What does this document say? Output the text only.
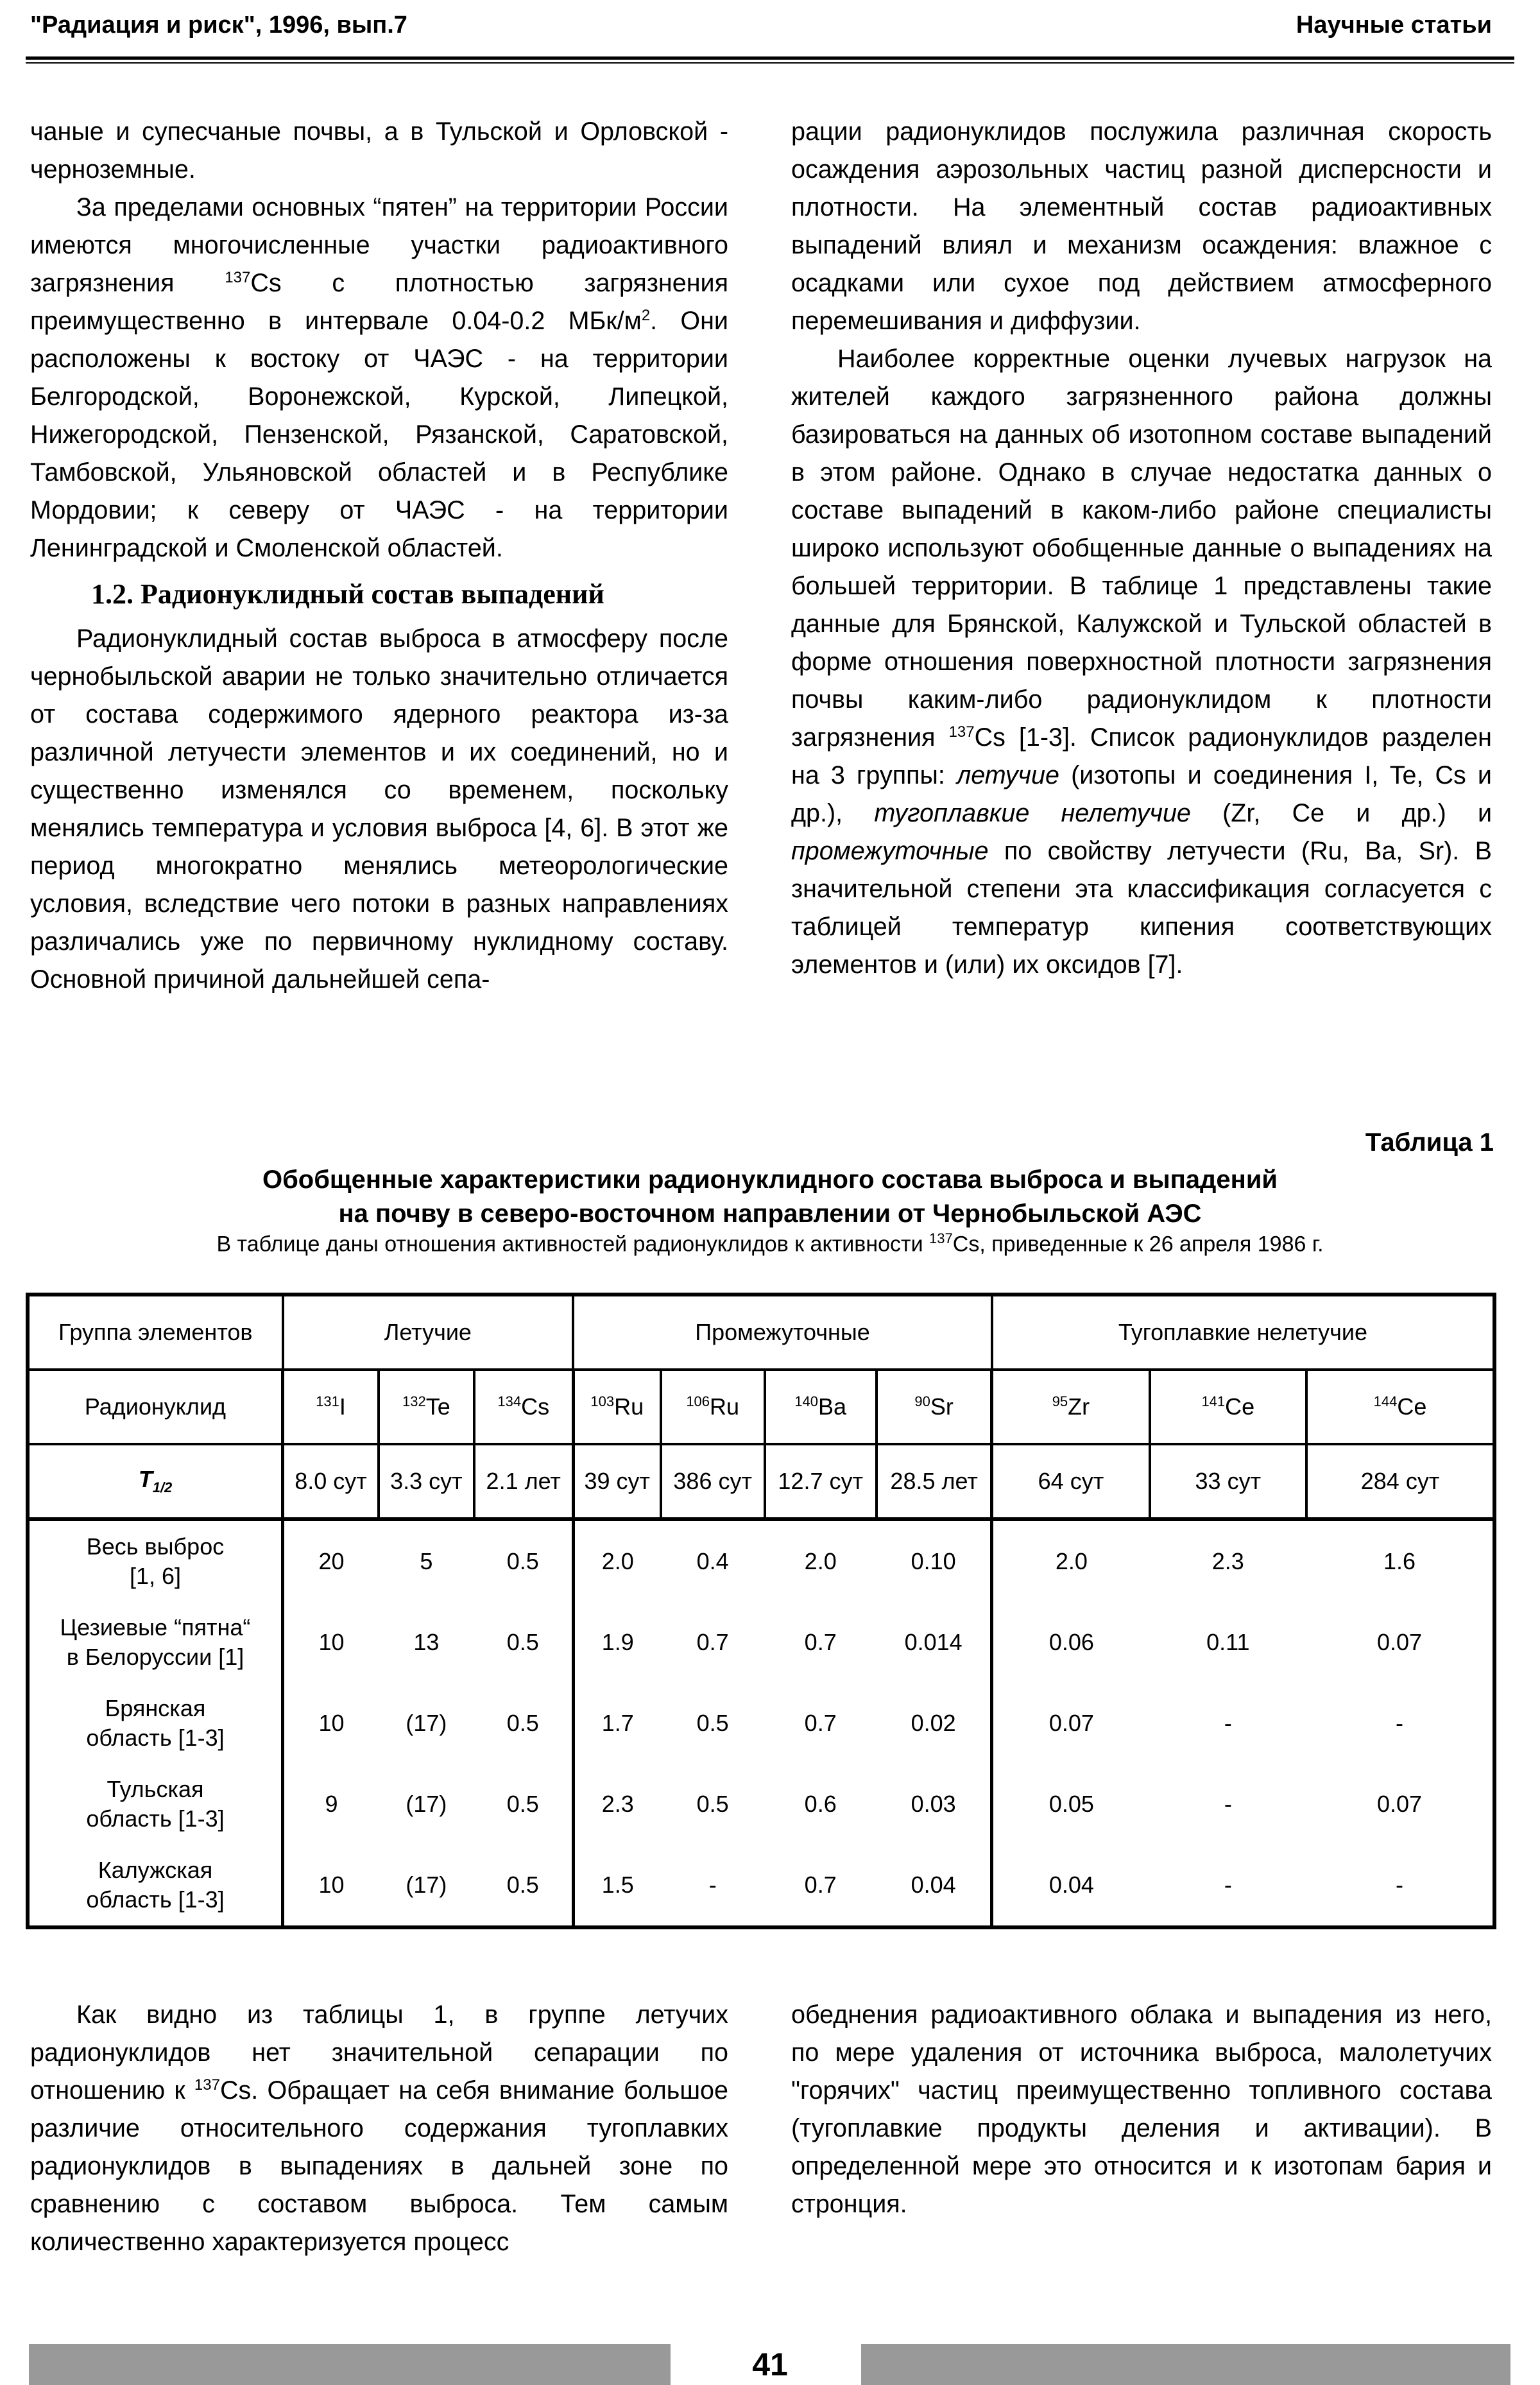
"Радиация и риск", 1996, вып.7	Научные статьи

чаные и супесчаные почвы, а в Тульской и Орловской - черноземные.

За пределами основных “пятен” на территории России имеются многочисленные участки радиоактивного загрязнения $^{137}$Cs с плотностью загрязнения преимущественно в интервале 0.04-0.2 МБк/$м^2$. Они расположены к востоку от ЧАЭС - на территории Белгородской, Воронежской, Курской, Липецкой, Нижегородской, Пензенской, Рязанской, Саратовской, Тамбовской, Ульяновской областей и в Республике Мордовии; к северу от ЧАЭС - на территории Ленинградской и Смоленской областей.

1.2. Радионуклидный состав выпадений

Радионуклидный состав выброса в атмосферу после чернобыльской аварии не только значительно отличается от состава содержимого ядерного реактора из-за различной летучести элементов и их соединений, но и существенно изменялся со временем, поскольку менялись температура и условия выброса [4, 6]. В этот же период многократно менялись метеорологические условия, вследствие чего потоки в разных направлениях различались уже по первичному нуклидному составу. Основной причиной дальнейшей сепа-

рации радионуклидов послужила различная скорость осаждения аэрозольных частиц разной дисперсности и плотности. На элементный состав радиоактивных выпадений влиял и механизм осаждения: влажное с осадками или сухое под действием атмосферного перемешивания и диффузии.

Наиболее корректные оценки лучевых нагрузок на жителей каждого загрязненного района должны базироваться на данных об изотопном составе выпадений в этом районе. Однако в случае недостатка данных о составе выпадений в каком-либо районе специалисты широко используют обобщенные данные о выпадениях на большей территории. В таблице 1 представлены такие данные для Брянской, Калужской и Тульской областей в форме отношения поверхностной плотности загрязнения почвы каким-либо радионуклидом к плотности загрязнения $^{137}$Cs [1-3]. Список радионуклидов разделен на 3 группы: летучие (изотопы и соединения I, Te, Cs и др.), тугоплавкие нелетучие (Zr, Ce и др.) и промежуточные по свойству летучести (Ru, Ba, Sr). В значительной степени эта классификация согласуется с таблицей температур кипения соответствующих элементов и (или) их оксидов [7].

Таблица 1
Обобщенные характеристики радионуклидного состава выброса и выпадений
на почву в северо-восточном направлении от Чернобыльской АЭС
В таблице даны отношения активностей радионуклидов к активности $^{137}$Cs, приведенные к 26 апреля 1986 г.
Группа элементов	Летучие			Промежуточные				Тугоплавкие нелетучие		
Радионуклид	$^{131}$I	$^{132}$Te	$^{134}$Cs	$^{103}$Ru	$^{106}$Ru	$^{140}$Ba	$^{90}$Sr	$^{95}$Zr	$^{141}$Ce	$^{144}$Ce
$T_{1/2}$	8.0 сут	3.3 сут	2.1 лет	39 сут	386 сут	12.7 сут	28.5 лет	64 сут	33 сут	284 сут

Весь выброс
[1, 6]	20	5	0.5	2.0	0.4	2.0	0.10	2.0	2.3	1.6

Цезиевые “пятна“
в Белоруссии [1]	10	13	0.5	1.9	0.7	0.7	0.014	0.06	0.11	0.07

Брянская
область [1-3]	10	(17)	0.5	1.7	0.5	0.7	0.02	0.07	-	-

Тульская
область [1-3]	9	(17)	0.5	2.3	0.5	0.6	0.03	0.05	-	0.07

Калужская
область [1-3]	10	(17)	0.5	1.5	-	0.7	0.04	0.04	-	-

Как видно из таблицы 1, в группе летучих радионуклидов нет значительной сепарации по отношению к $^{137}$Cs. Обращает на себя внимание большое различие относительного содержания тугоплавких радионуклидов в выпадениях в дальней зоне по сравнению с составом выброса. Тем самым количественно характеризуется процесс

обеднения радиоактивного облака и выпадения из него, по мере удаления от источника выброса, малолетучих "горячих" частиц преимущественно топливного состава (тугоплавкие продукты деления и активации). В определенной мере это относится и к изотопам бария и стронция.

41
